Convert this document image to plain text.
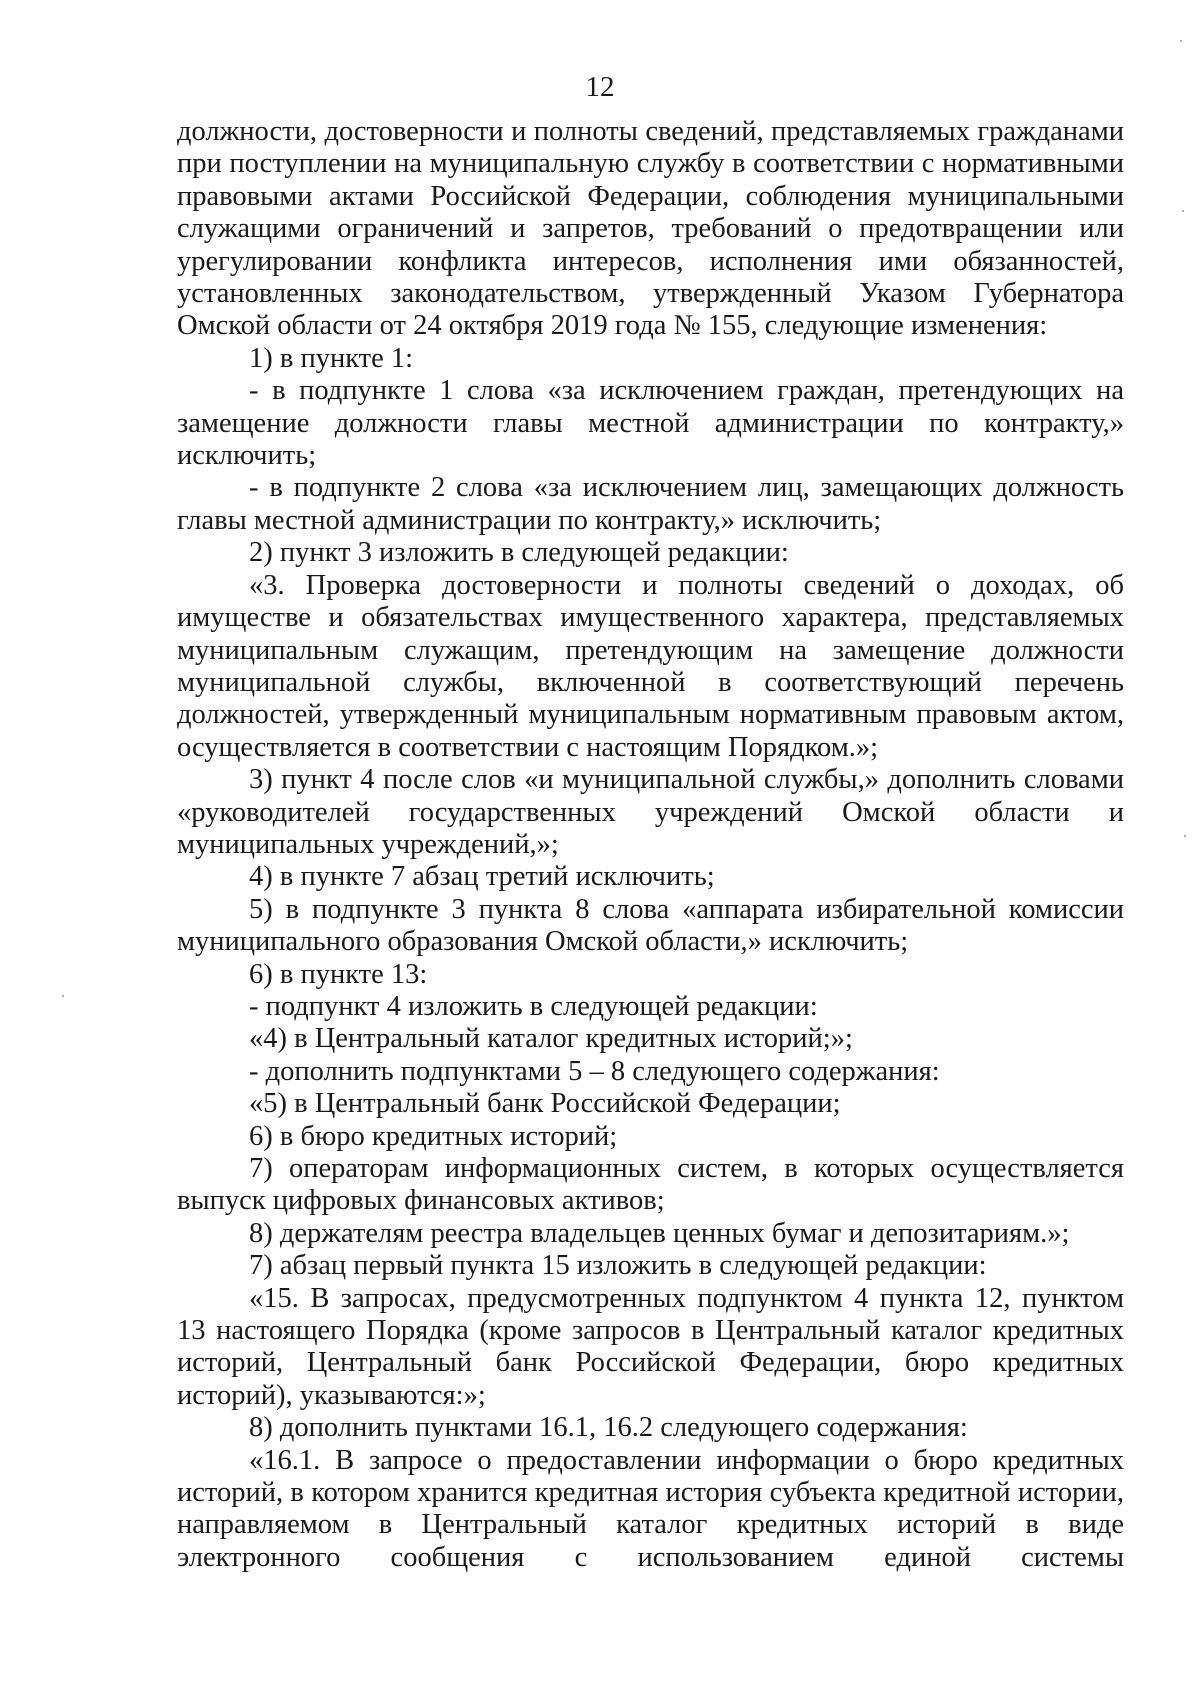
12

должности, достоверности и полноты сведений, представляемых гражданами при поступлении на муниципальную службу в соответствии с нормативными правовыми актами Российской Федерации, соблюдения муниципальными служащими ограничений и запретов, требований о предотвращении или урегулировании конфликта интересов, исполнения ими обязанностей, установленных законодательством, утвержденный Указом Губернатора Омской области от 24 октября 2019 года № 155, следующие изменения:

1) в пункте 1:

- в подпункте 1 слова «за исключением граждан, претендующих на замещение должности главы местной администрации по контракту,» исключить;

- в подпункте 2 слова «за исключением лиц, замещающих должность главы местной администрации по контракту,» исключить;

2) пункт 3 изложить в следующей редакции:

«3. Проверка достоверности и полноты сведений о доходах, об имуществе и обязательствах имущественного характера, представляемых муниципальным служащим, претендующим на замещение должности муниципальной службы, включенной в соответствующий перечень должностей, утвержденный муниципальным нормативным правовым актом, осуществляется в соответствии с настоящим Порядком.»;

3) пункт 4 после слов «и муниципальной службы,» дополнить словами «руководителей государственных учреждений Омской области и муниципальных учреждений,»;

4) в пункте 7 абзац третий исключить;

5) в подпункте 3 пункта 8 слова «аппарата избирательной комиссии муниципального образования Омской области,» исключить;

6) в пункте 13:

- подпункт 4 изложить в следующей редакции:

«4) в Центральный каталог кредитных историй;»;

- дополнить подпунктами 5 – 8 следующего содержания:

«5) в Центральный банк Российской Федерации;

6) в бюро кредитных историй;

7) операторам информационных систем, в которых осуществляется выпуск цифровых финансовых активов;

8) держателям реестра владельцев ценных бумаг и депозитариям.»;

7) абзац первый пункта 15 изложить в следующей редакции:

«15. В запросах, предусмотренных подпунктом 4 пункта 12, пунктом 13 настоящего Порядка (кроме запросов в Центральный каталог кредитных историй, Центральный банк Российской Федерации, бюро кредитных историй), указываются:»;

8) дополнить пунктами 16.1, 16.2 следующего содержания:

«16.1. В запросе о предоставлении информации о бюро кредитных историй, в котором хранится кредитная история субъекта кредитной истории, направляемом в Центральный каталог кредитных историй в виде электронного сообщения с использованием единой системы
